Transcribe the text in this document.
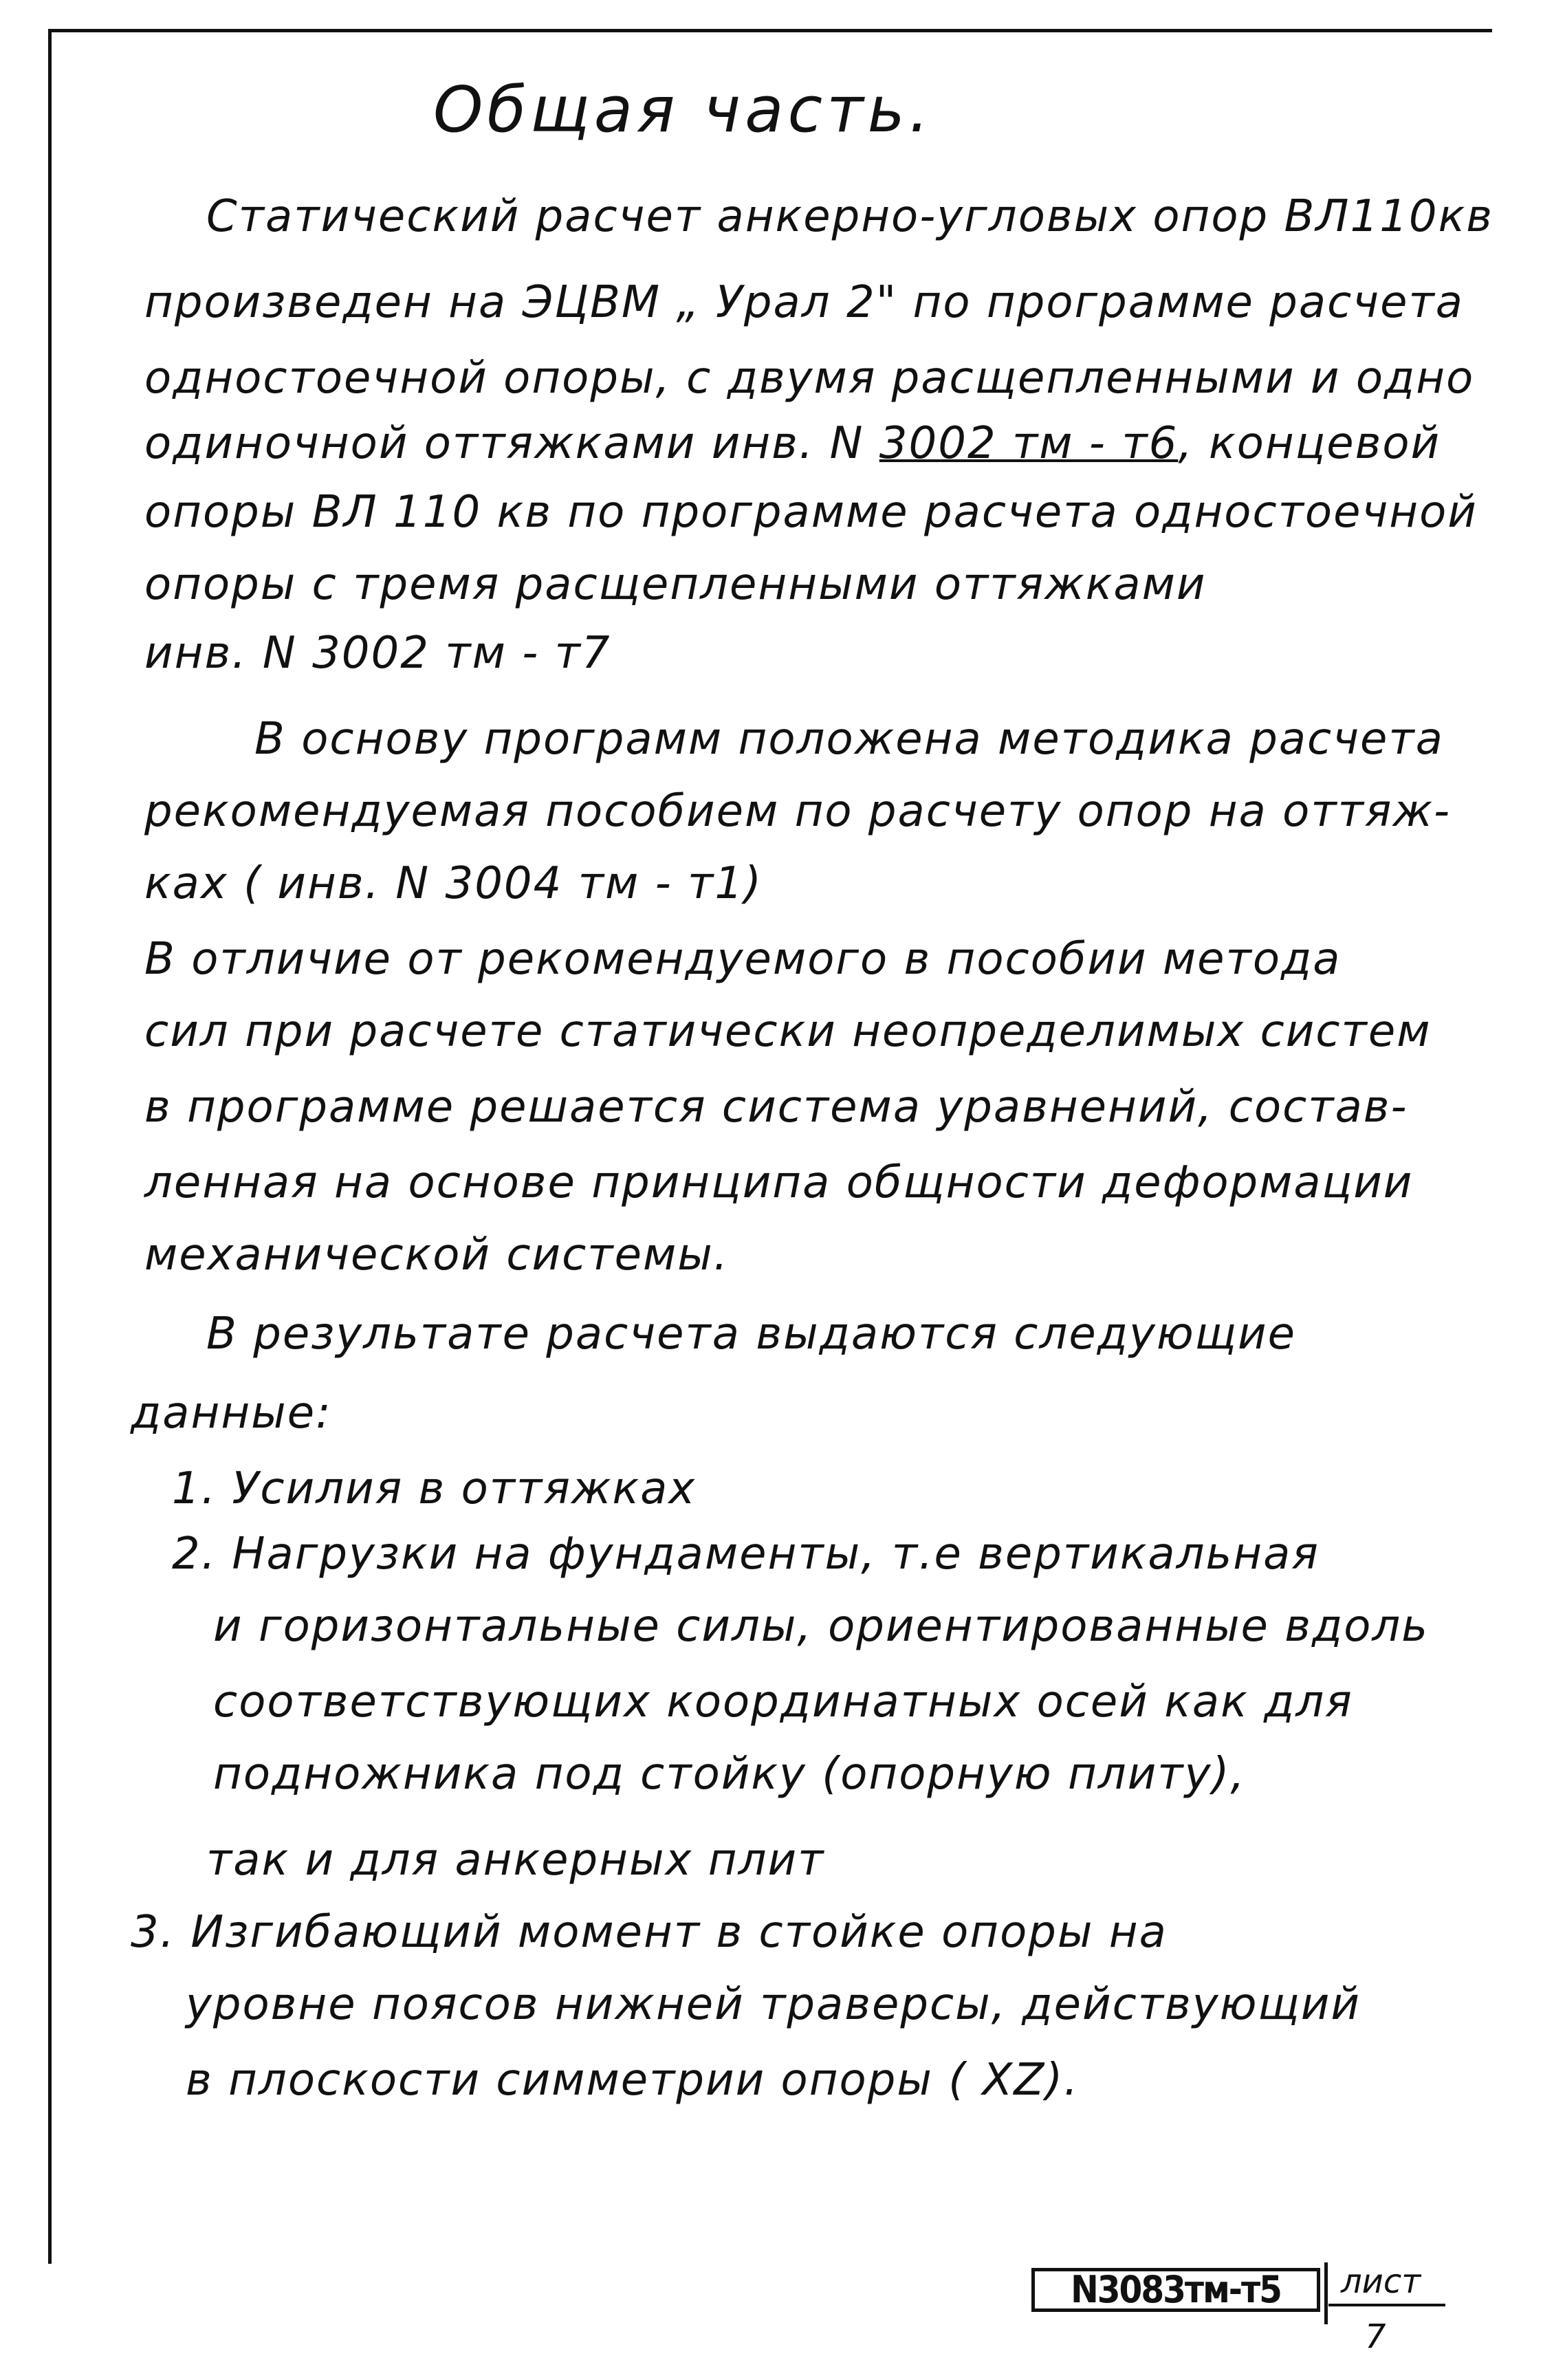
Общая часть.
Статический расчет анкерно-угловых опор ВЛ110кв
произведен на ЭЦВМ „ Урал 2" по программе расчета
одностоечной опоры, с двумя расщепленными и одно
одиночной оттяжками инв. N 3002 тм - т6, концевой
опоры ВЛ 110 кв по программе расчета одностоечной
опоры с тремя расщепленными оттяжками
инв. N 3002 тм - т7
В основу программ положена методика расчета
рекомендуемая пособием по расчету опор на оттяж-
ках ( инв. N 3004 тм - т1)
В отличие от рекомендуемого в пособии метода
сил при расчете статически неопределимых систем
в программе решается система уравнений, состав-
ленная на основе принципа общности деформации
механической системы.
В результате расчета выдаются следующие
данные:
1. Усилия в оттяжках
2. Нагрузки на фундаменты, т.е вертикальная
и горизонтальные силы, ориентированные вдоль
соответствующих координатных осей как для
подножника под стойку (опорную плиту),
так и для анкерных плит
3. Изгибающий момент в стойке опоры на
уровне поясов нижней траверсы, действующий
в плоскости симметрии опоры ( XZ).
N3083тм-т5	лист
7
